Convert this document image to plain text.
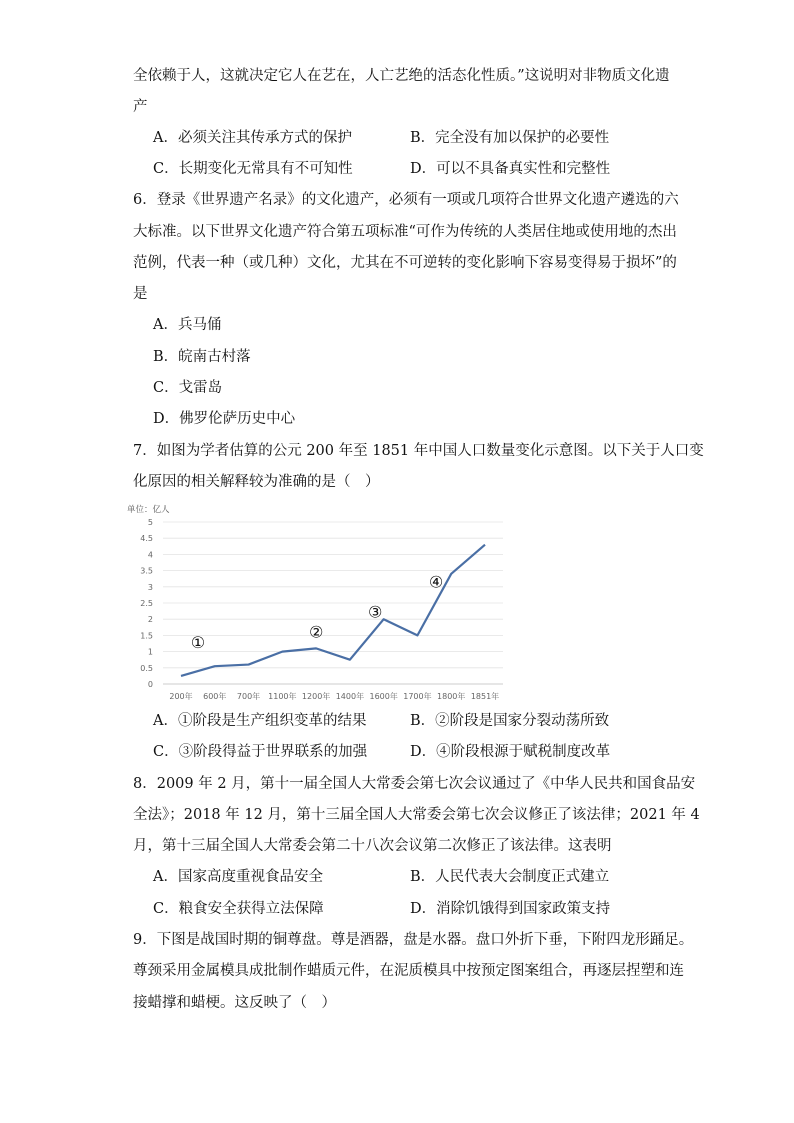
全依赖于人，这就决定它人在艺在，人亡艺绝的活态化性质。”这说明对非物质文化遗
产
A．必须关注其传承方式的保护	B．完全没有加以保护的必要性
C．长期变化无常具有不可知性	D．可以不具备真实性和完整性
6．登录《世界遗产名录》的文化遗产，必须有一项或几项符合世界文化遗产遴选的六
大标准。以下世界文化遗产符合第五项标准“可作为传统的人类居住地或使用地的杰出
范例，代表一种（或几种）文化，尤其在不可逆转的变化影响下容易变得易于损坏”的
是
A．兵马俑
B．皖南古村落
C．戈雷岛
D．佛罗伦萨历史中心
7．如图为学者估算的公元 200 年至 1851 年中国人口数量变化示意图。以下关于人口变
化原因的相关解释较为准确的是（　）
单位：亿人
0
0.5
1
1.5
2
2.5
3
3.5
4
4.5
5
200年 600年 700年 1100年 1200年 1400年 1600年 1700年 1800年 1851年
①
②
③
④
A．①阶段是生产组织变革的结果	B．②阶段是国家分裂动荡所致
C．③阶段得益于世界联系的加强	D．④阶段根源于赋税制度改革
8．2009 年 2 月，第十一届全国人大常委会第七次会议通过了《中华人民共和国食品安
全法》；2018 年 12 月，第十三届全国人大常委会第七次会议修正了该法律；2021 年 4
月，第十三届全国人大常委会第二十八次会议第二次修正了该法律。这表明
A．国家高度重视食品安全	B．人民代表大会制度正式建立
C．粮食安全获得立法保障	D．消除饥饿得到国家政策支持
9．下图是战国时期的铜尊盘。尊是酒器，盘是水器。盘口外折下垂，下附四龙形踊足。
尊颈采用金属模具成批制作蜡质元件，在泥质模具中按预定图案组合，再逐层捏塑和连
接蜡撑和蜡梗。这反映了（　）
